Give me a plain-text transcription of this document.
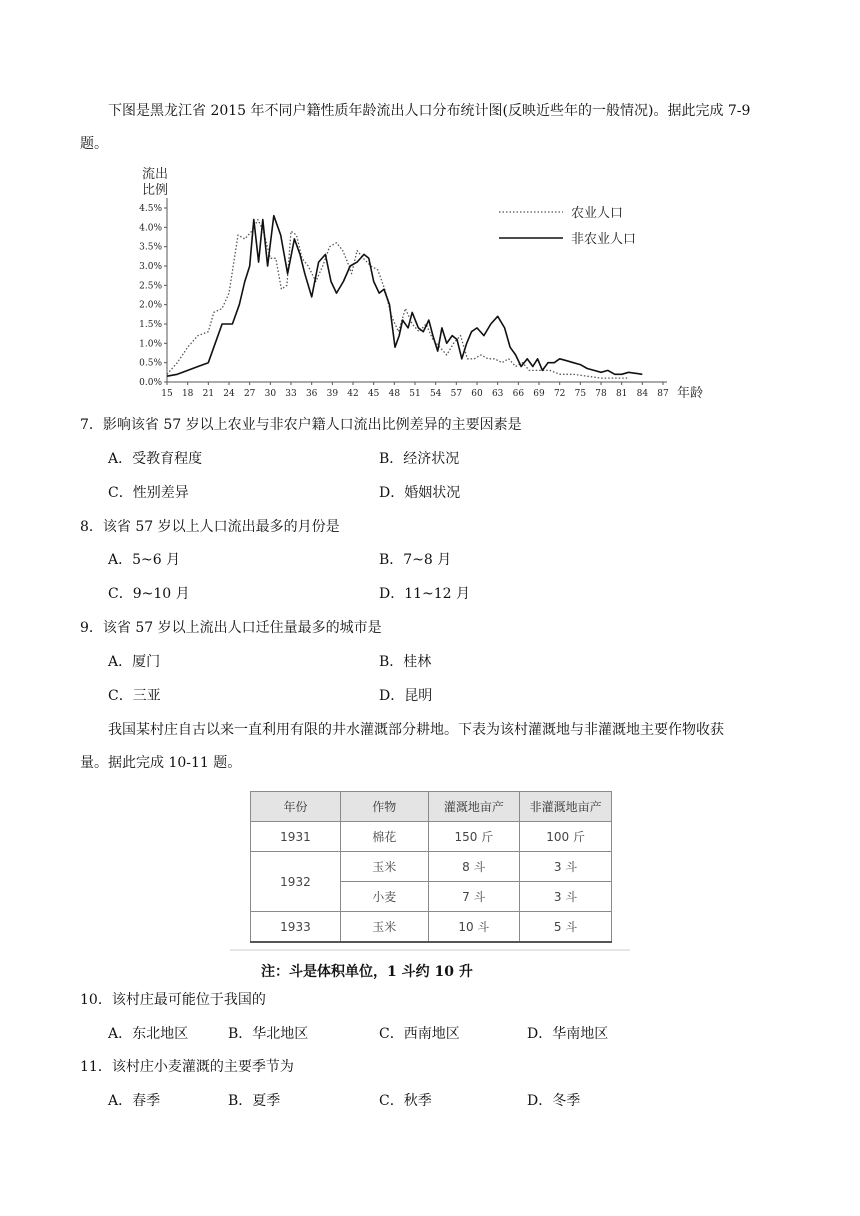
下图是黑龙江省 2015 年不同户籍性质年龄流出人口分布统计图(反映近些年的一般情况)。据此完成 7-9
题。
流出
比例
0.0%
0.5%
1.0%
1.5%
2.0%
2.5%
3.0%
3.5%
4.0%
4.5%
15 18 21 24 27 30 33 36 39 42 45 48 51 54 57 60 63 66 69 72 75 78 81 84 87 年龄
农业人口
非农业人口
7．影响该省 57 岁以上农业与非农户籍人口流出比例差异的主要因素是
A．受教育程度	B．经济状况
C．性别差异	D．婚姻状况
8．该省 57 岁以上人口流出最多的月份是
A．5~6 月	B．7~8 月
C．9~10 月	D．11~12 月
9．该省 57 岁以上流出人口迁住量最多的城市是
A．厦门	B．桂林
C．三亚	D．昆明
我国某村庄自古以来一直利用有限的井水灌溉部分耕地。下表为该村灌溉地与非灌溉地主要作物收获
量。据此完成 10-11 题。
年份	作物	灌溉地亩产	非灌溉地亩产
1931	棉花	150 斤	100 斤
1932	玉米	8 斗	3 斗
	小麦	7 斗	3 斗
1933	玉米	10 斗	5 斗
注：斗是体积单位，1 斗约 10 升
10．该村庄最可能位于我国的
A．东北地区	B．华北地区	C．西南地区	D．华南地区
11．该村庄小麦灌溉的主要季节为
A．春季	B．夏季	C．秋季	D．冬季
